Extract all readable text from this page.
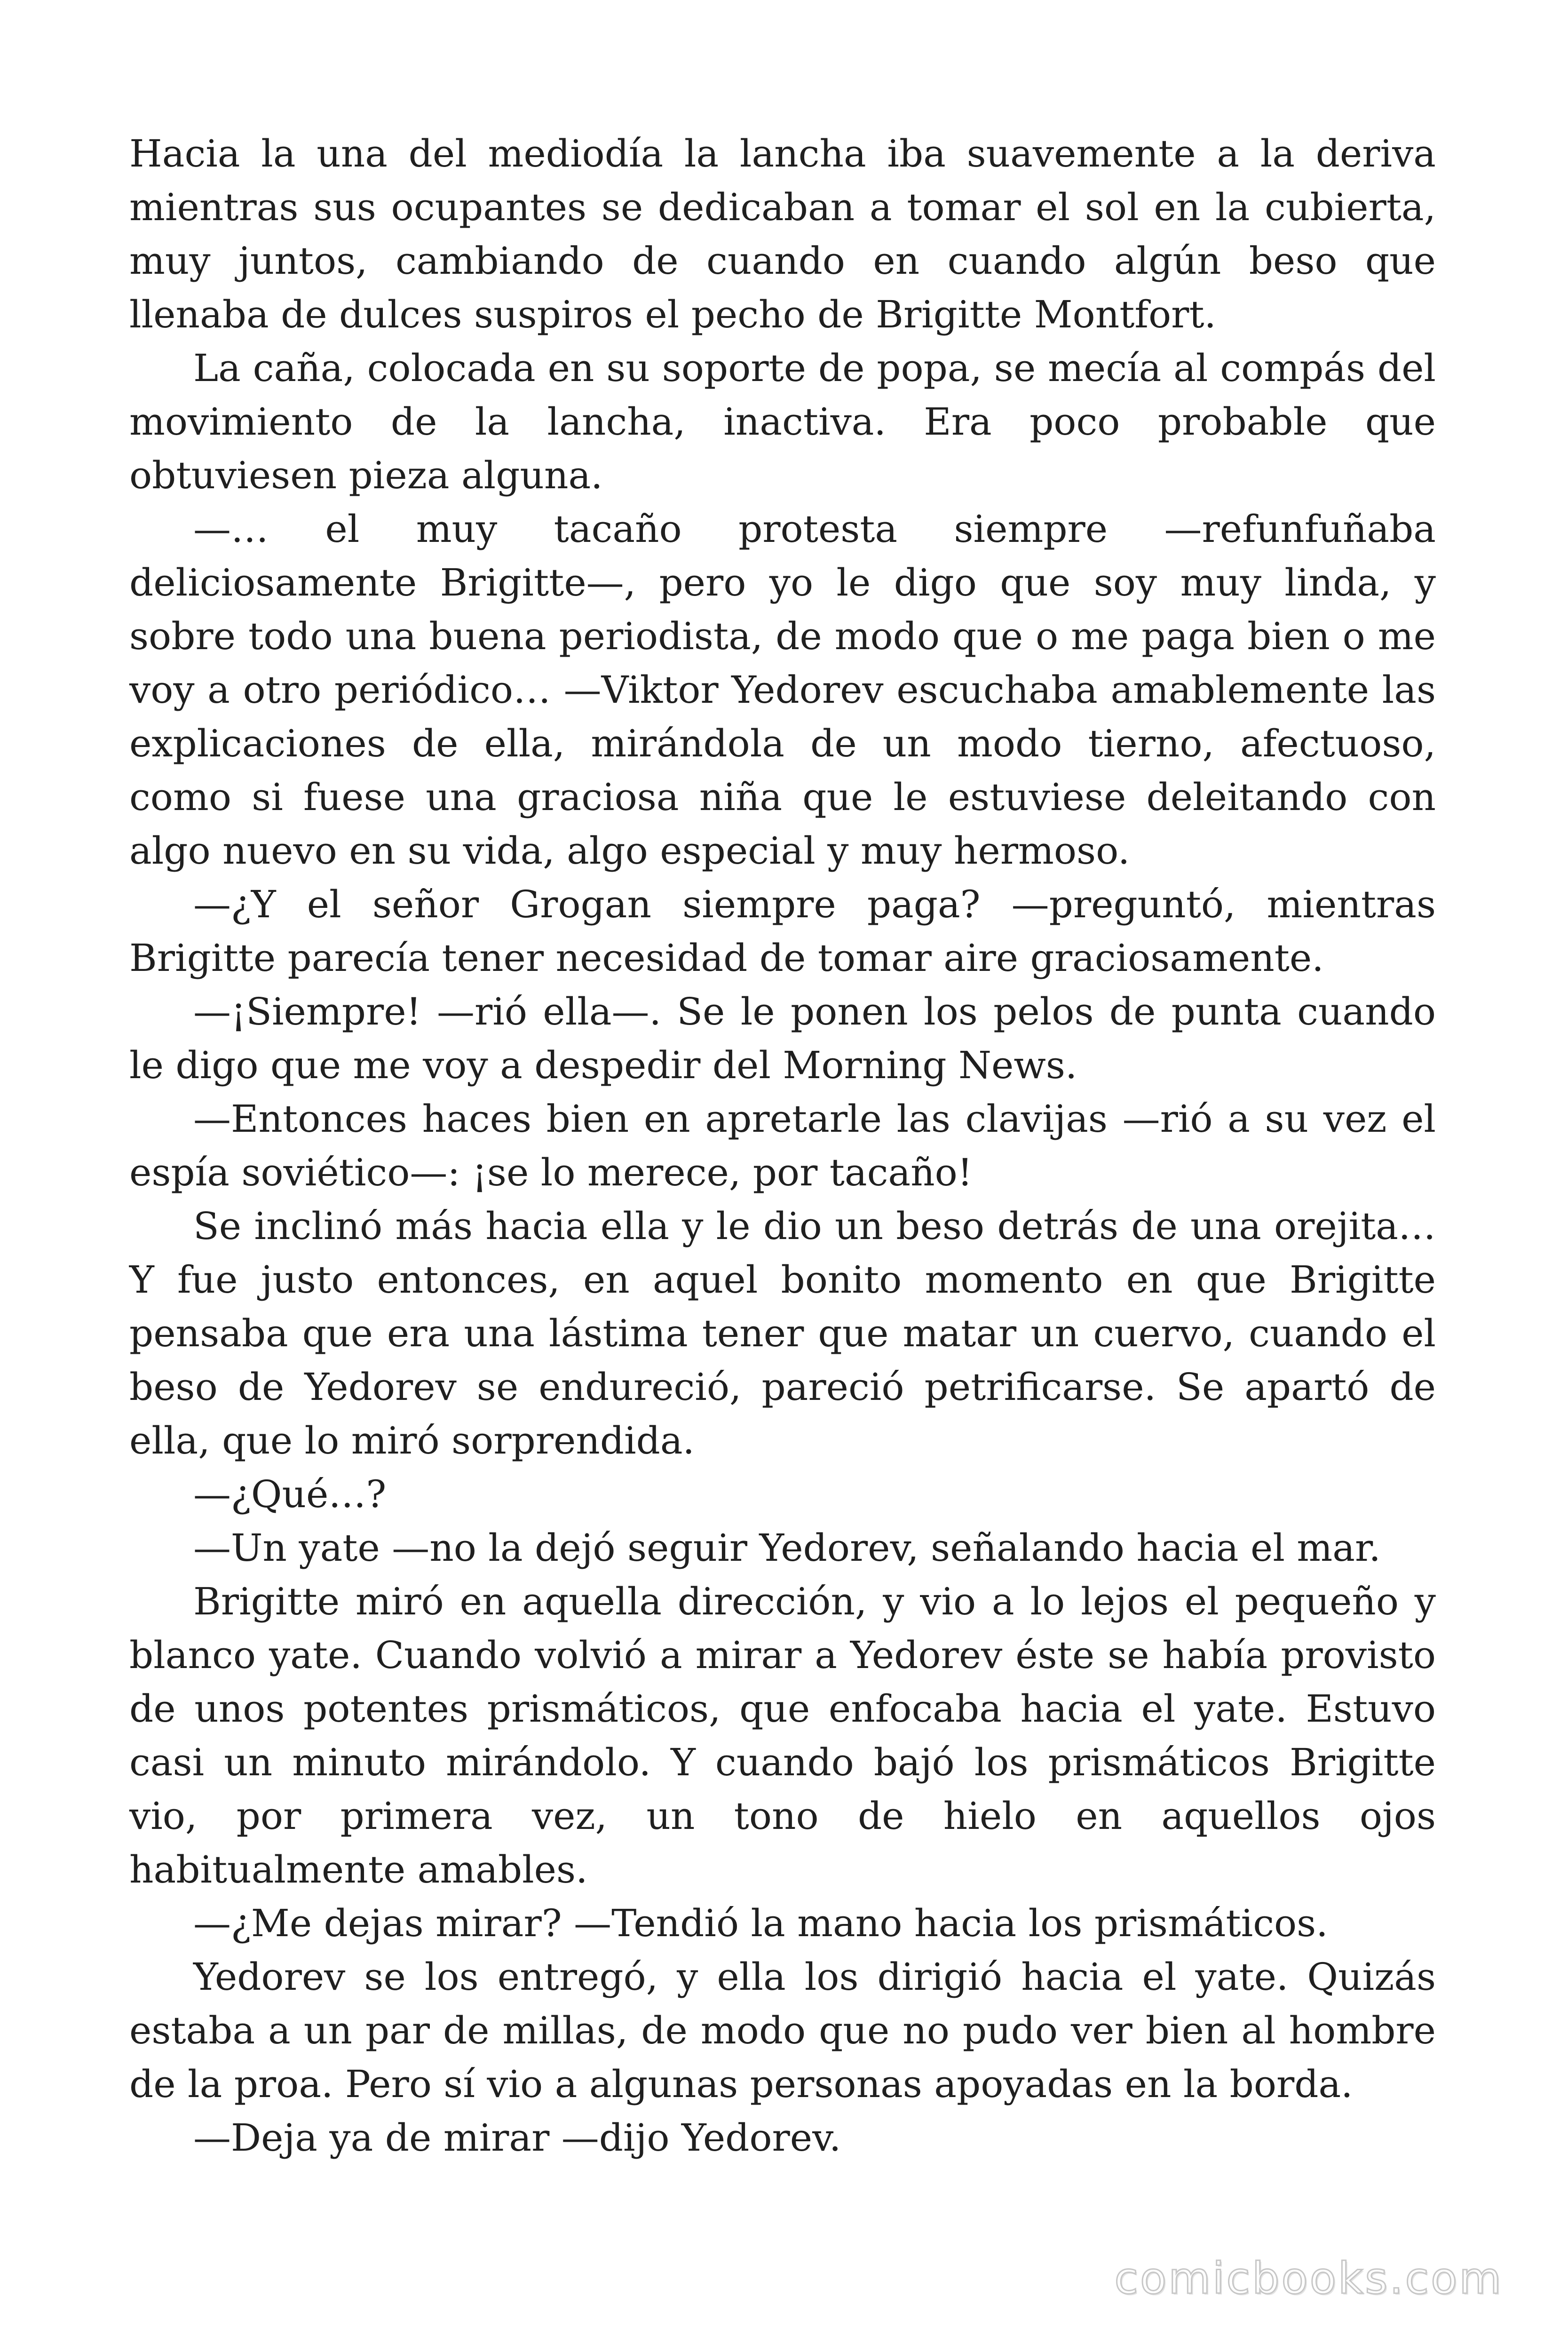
Hacia la una del mediodía la lancha iba suavemente a la deriva mientras sus ocupantes se dedicaban a tomar el sol en la cubierta, muy juntos, cambiando de cuando en cuando algún beso que llenaba de dulces suspiros el pecho de Brigitte Montfort.

La caña, colocada en su soporte de popa, se mecía al compás del movimiento de la lancha, inactiva. Era poco probable que obtuviesen pieza alguna.

—… el muy tacaño protesta siempre —refunfuñaba deliciosamente Brigitte—, pero yo le digo que soy muy linda, y sobre todo una buena periodista, de modo que o me paga bien o me voy a otro periódico… —Viktor Yedorev escuchaba amablemente las explicaciones de ella, mirándola de un modo tierno, afectuoso, como si fuese una graciosa niña que le estuviese deleitando con algo nuevo en su vida, algo especial y muy hermoso.

—¿Y el señor Grogan siempre paga? —preguntó, mientras Brigitte parecía tener necesidad de tomar aire graciosamente.

—¡Siempre! —rió ella—. Se le ponen los pelos de punta cuando le digo que me voy a despedir del Morning News.

—Entonces haces bien en apretarle las clavijas —rió a su vez el espía soviético—: ¡se lo merece, por tacaño!

Se inclinó más hacia ella y le dio un beso detrás de una orejita… Y fue justo entonces, en aquel bonito momento en que Brigitte pensaba que era una lástima tener que matar un cuervo, cuando el beso de Yedorev se endureció, pareció petrificarse. Se apartó de ella, que lo miró sorprendida.

—¿Qué…?

—Un yate —no la dejó seguir Yedorev, señalando hacia el mar.

Brigitte miró en aquella dirección, y vio a lo lejos el pequeño y blanco yate. Cuando volvió a mirar a Yedorev éste se había provisto de unos potentes prismáticos, que enfocaba hacia el yate. Estuvo casi un minuto mirándolo. Y cuando bajó los prismáticos Brigitte vio, por primera vez, un tono de hielo en aquellos ojos habitualmente amables.

—¿Me dejas mirar? —Tendió la mano hacia los prismáticos.

Yedorev se los entregó, y ella los dirigió hacia el yate. Quizás estaba a un par de millas, de modo que no pudo ver bien al hombre de la proa. Pero sí vio a algunas personas apoyadas en la borda.

—Deja ya de mirar —dijo Yedorev.

comicbooks.com
